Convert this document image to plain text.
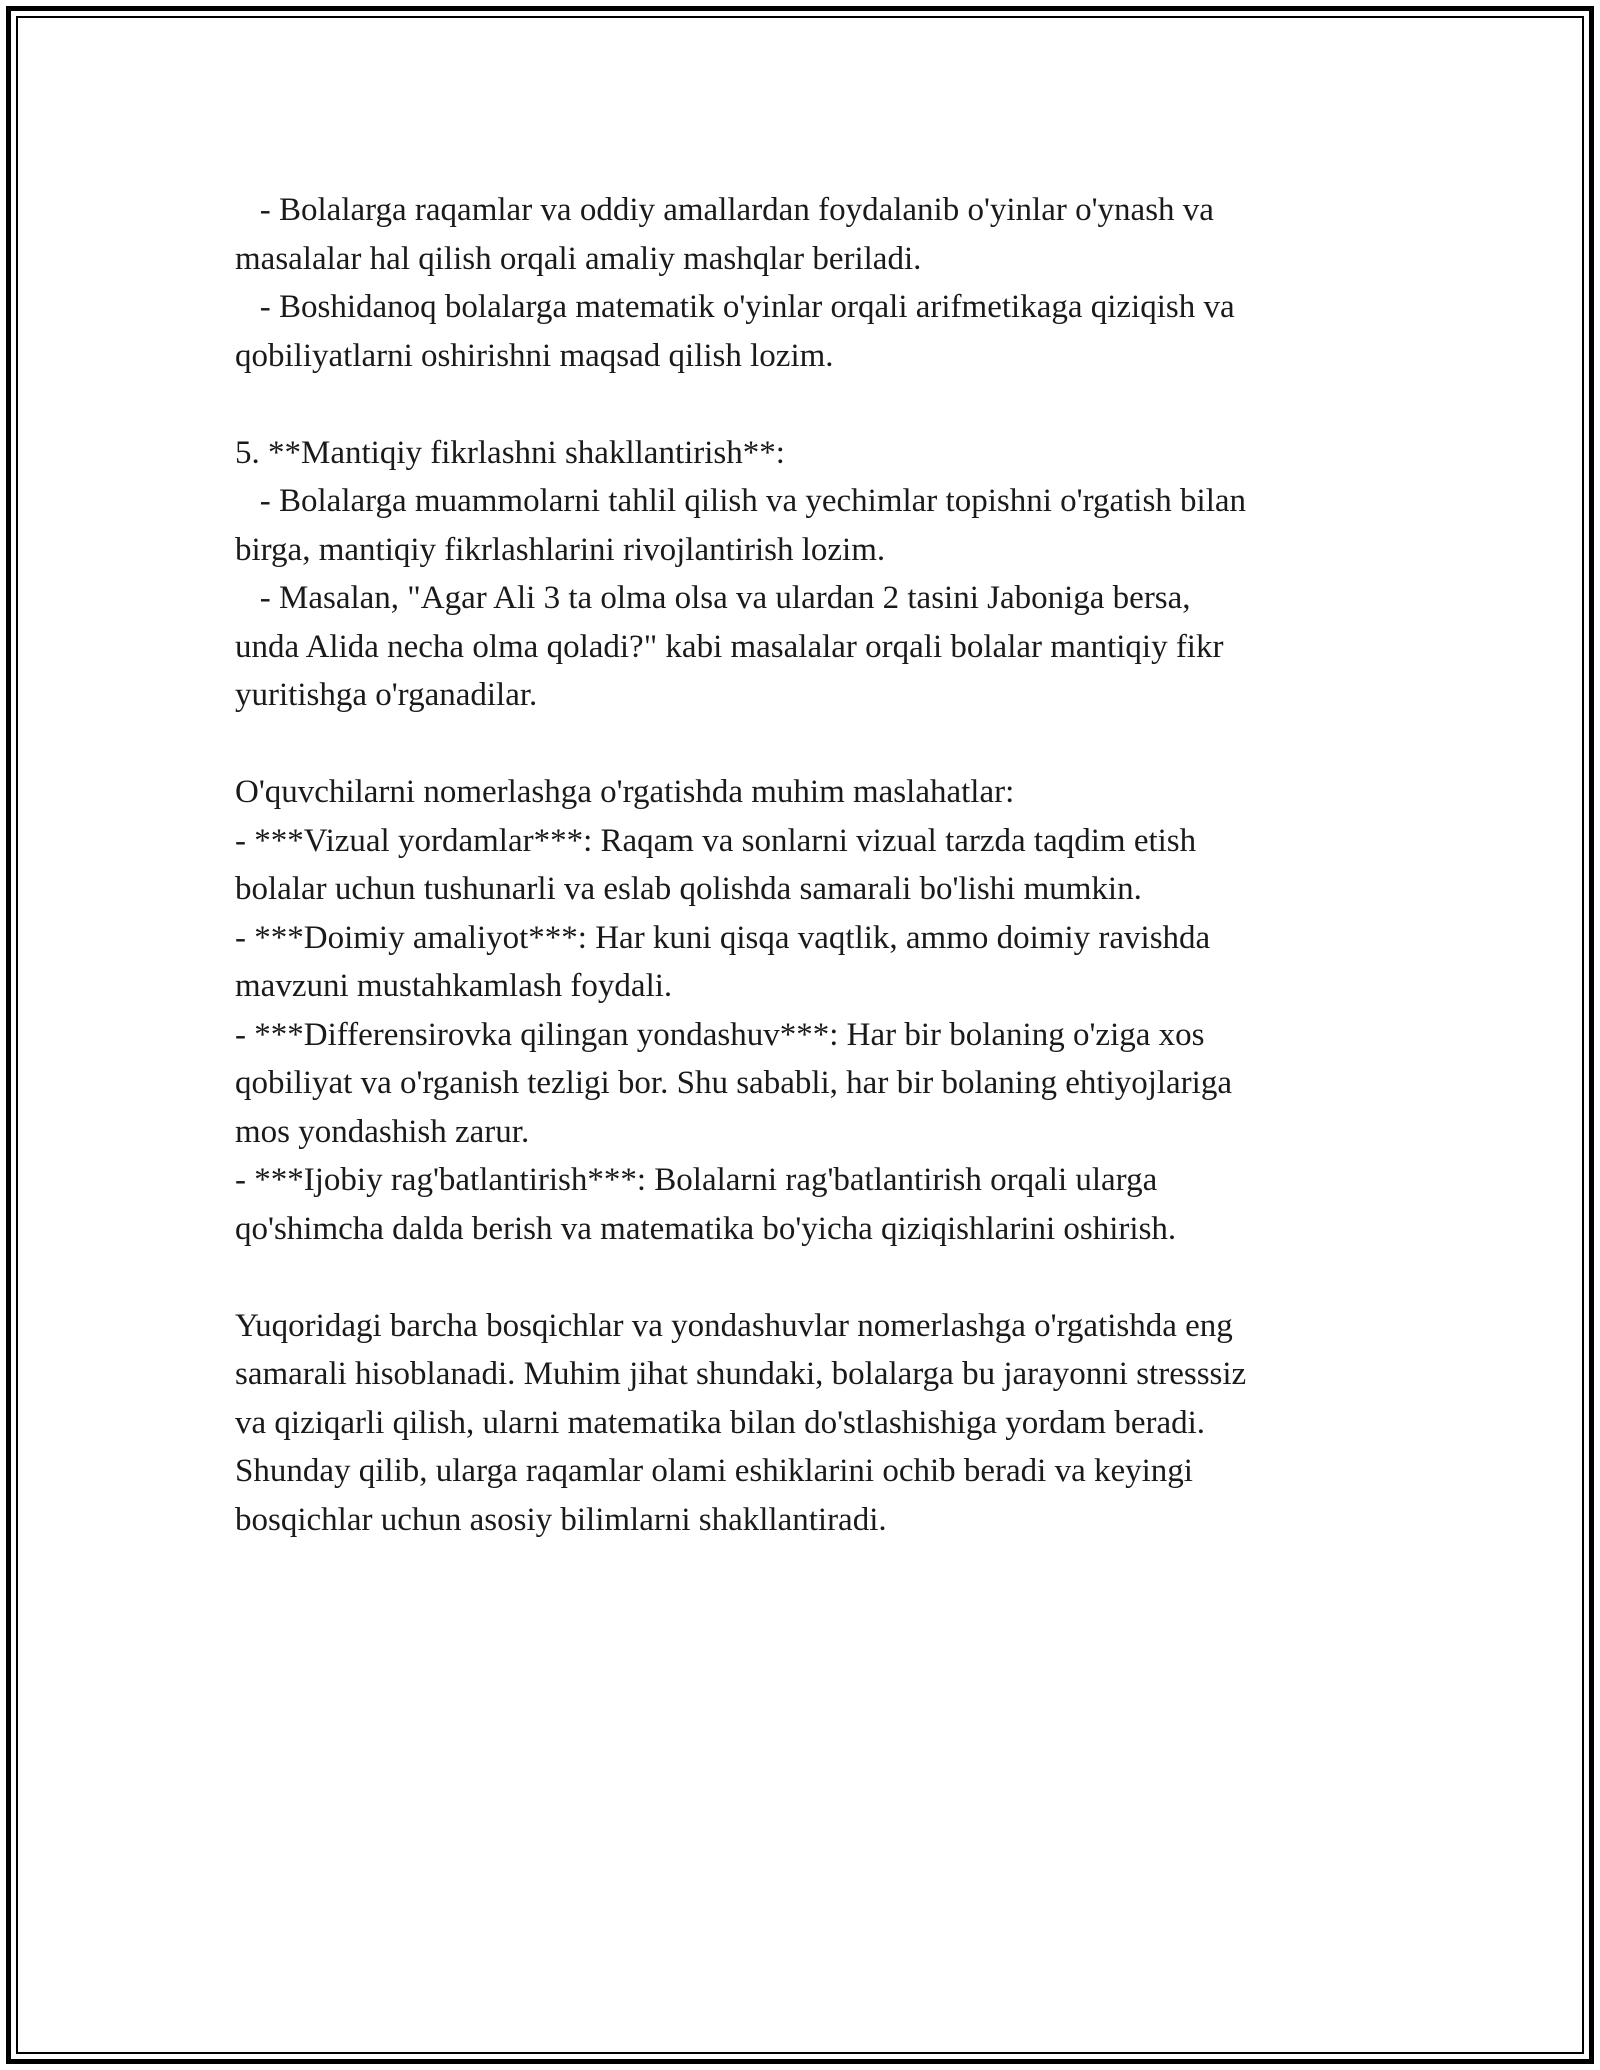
- Bolalarga raqamlar va oddiy amallardan foydalanib o'yinlar o'ynash va
masalalar hal qilish orqali amaliy mashqlar beriladi.
- Boshidanoq bolalarga matematik o'yinlar orqali arifmetikaga qiziqish va
qobiliyatlarni oshirishni maqsad qilish lozim.
5. **Mantiqiy fikrlashni shakllantirish**:
- Bolalarga muammolarni tahlil qilish va yechimlar topishni o'rgatish bilan
birga, mantiqiy fikrlashlarini rivojlantirish lozim.
- Masalan, "Agar Ali 3 ta olma olsa va ulardan 2 tasini Jaboniga bersa,
unda Alida necha olma qoladi?" kabi masalalar orqali bolalar mantiqiy fikr
yuritishga o'rganadilar.
O'quvchilarni nomerlashga o'rgatishda muhim maslahatlar:
- ***Vizual yordamlar***: Raqam va sonlarni vizual tarzda taqdim etish
bolalar uchun tushunarli va eslab qolishda samarali bo'lishi mumkin.
- ***Doimiy amaliyot***: Har kuni qisqa vaqtlik, ammo doimiy ravishda
mavzuni mustahkamlash foydali.
- ***Differensirovka qilingan yondashuv***: Har bir bolaning o'ziga xos
qobiliyat va o'rganish tezligi bor. Shu sababli, har bir bolaning ehtiyojlariga
mos yondashish zarur.
- ***Ijobiy rag'batlantirish***: Bolalarni rag'batlantirish orqali ularga
qo'shimcha dalda berish va matematika bo'yicha qiziqishlarini oshirish.
Yuqoridagi barcha bosqichlar va yondashuvlar nomerlashga o'rgatishda eng
samarali hisoblanadi. Muhim jihat shundaki, bolalarga bu jarayonni stresssiz
va qiziqarli qilish, ularni matematika bilan do'stlashishiga yordam beradi.
Shunday qilib, ularga raqamlar olami eshiklarini ochib beradi va keyingi
bosqichlar uchun asosiy bilimlarni shakllantiradi.
